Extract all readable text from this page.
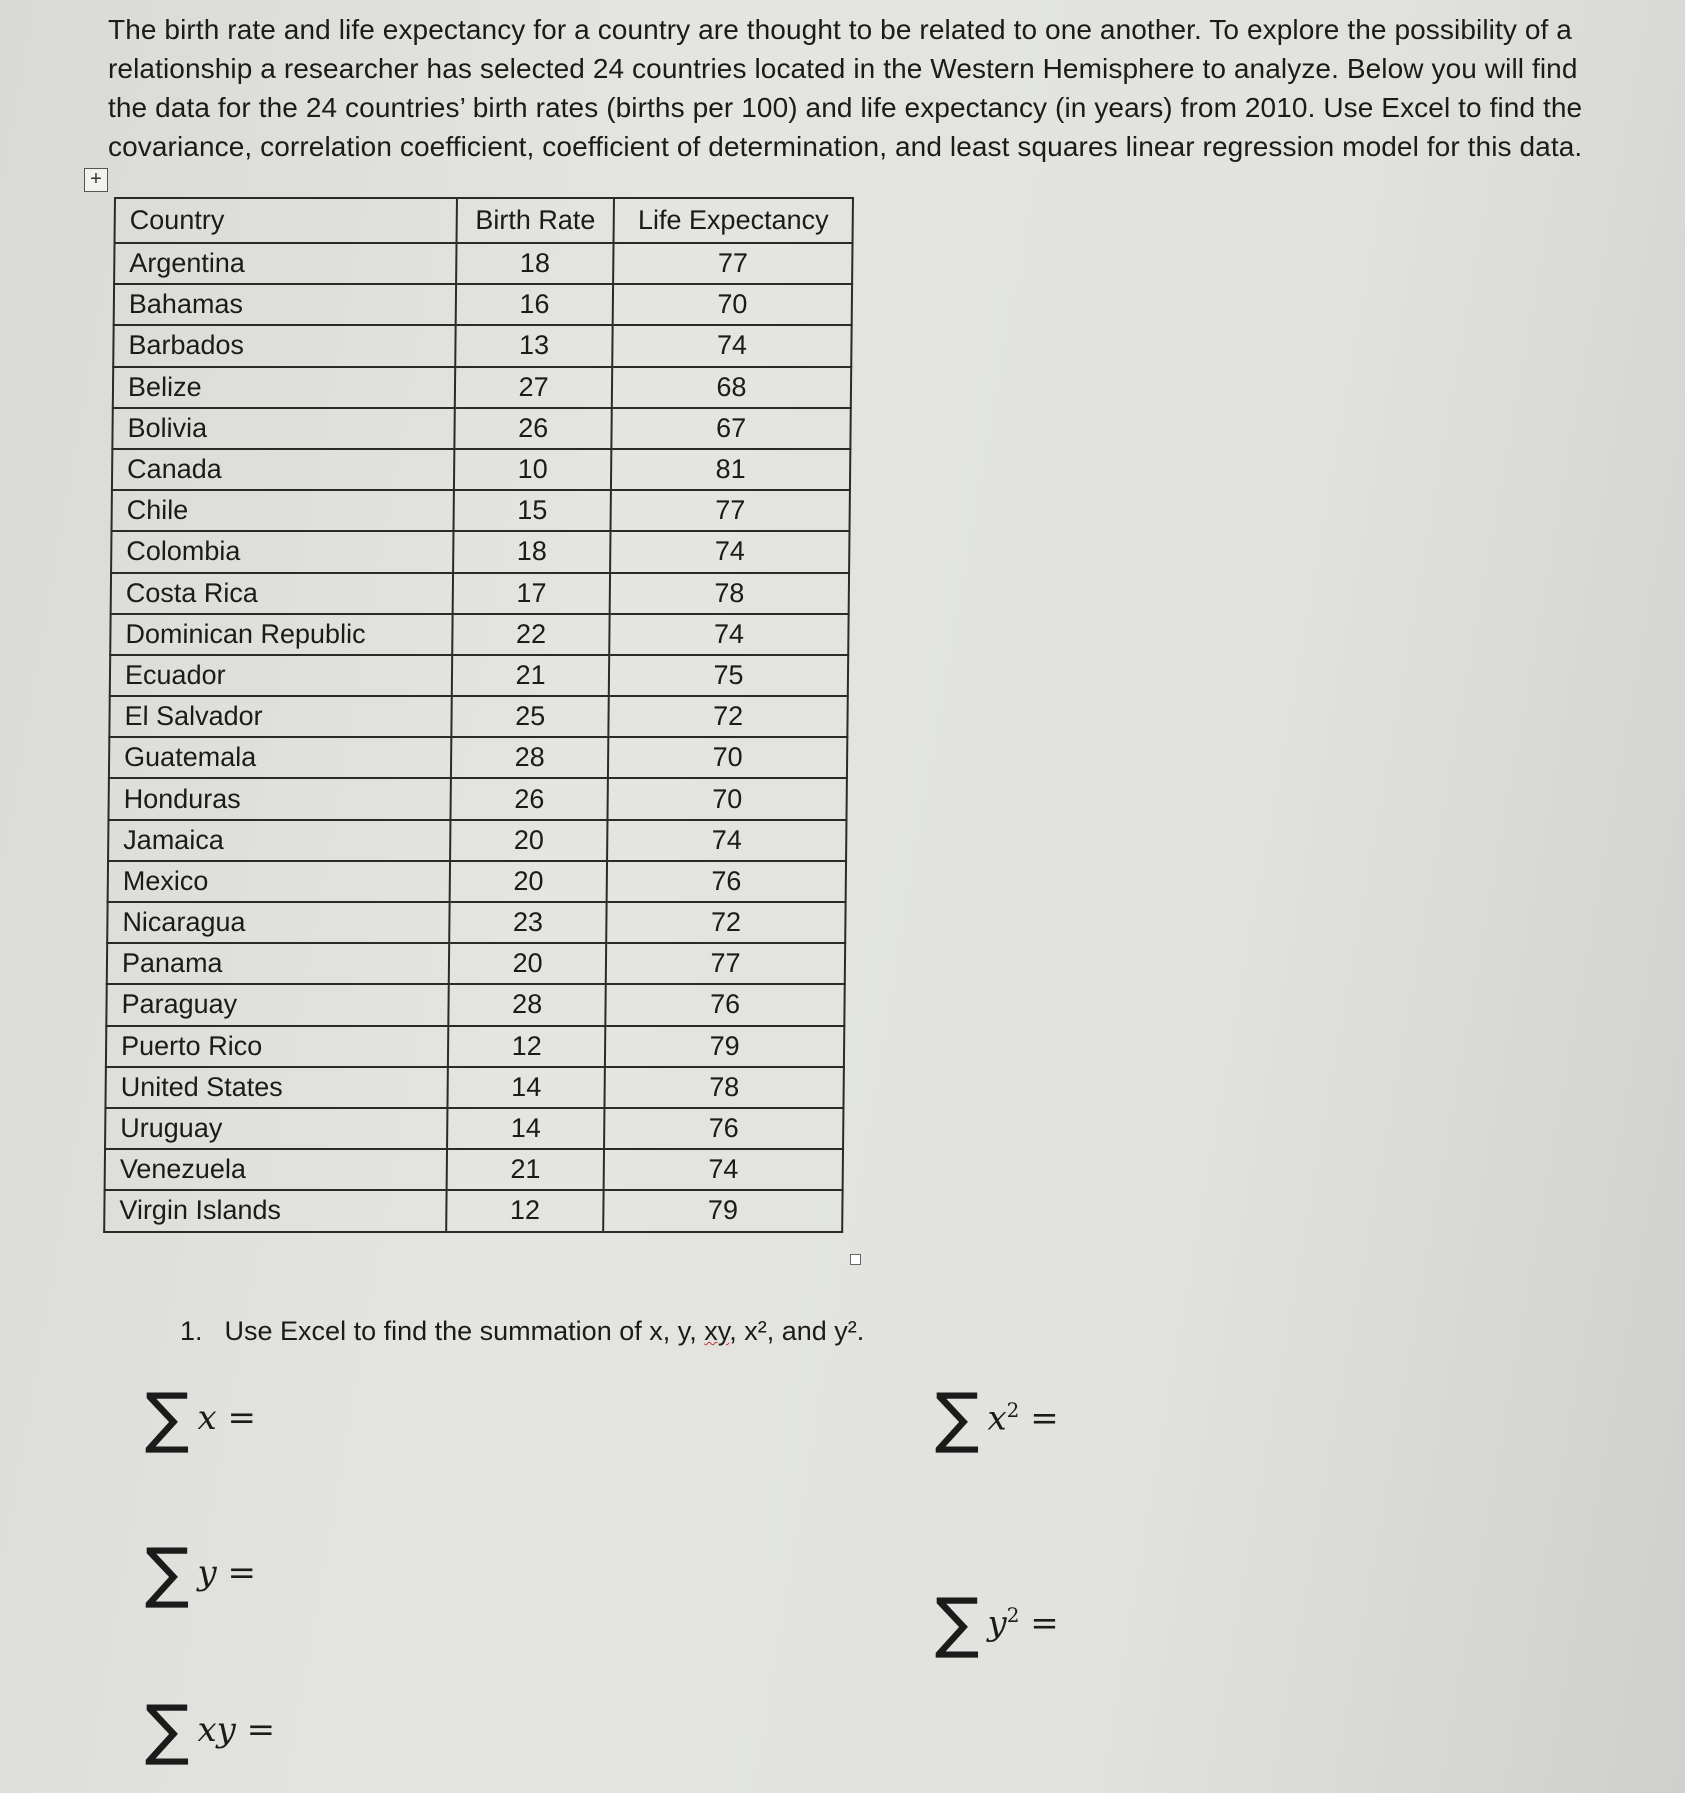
The birth rate and life expectancy for a country are thought to be related to one another. To explore the possibility of a relationship a researcher has selected 24 countries located in the Western Hemisphere to analyze. Below you will find the data for the 24 countries’ birth rates (births per 100) and life expectancy (in years) from 2010. Use Excel to find the covariance, correlation coefficient, coefficient of determination, and least squares linear regression model for this data.

+
Country	Birth Rate	Life Expectancy
Argentina	18	77
Bahamas	16	70
Barbados	13	74
Belize	27	68
Bolivia	26	67
Canada	10	81
Chile	15	77
Colombia	18	74
Costa Rica	17	78
Dominican Republic	22	74
Ecuador	21	75
El Salvador	25	72
Guatemala	28	70
Honduras	26	70
Jamaica	20	74
Mexico	20	76
Nicaragua	23	72
Panama	20	77
Paraguay	28	76
Puerto Rico	12	79
United States	14	78
Uruguay	14	76
Venezuela	21	74
Virgin Islands	12	79

1. Use Excel to find the summation of x, y, xy, x², and y².

∑ x =
∑ y =
∑ xy =
∑ $x^2$ =
∑ $y^2$ =
